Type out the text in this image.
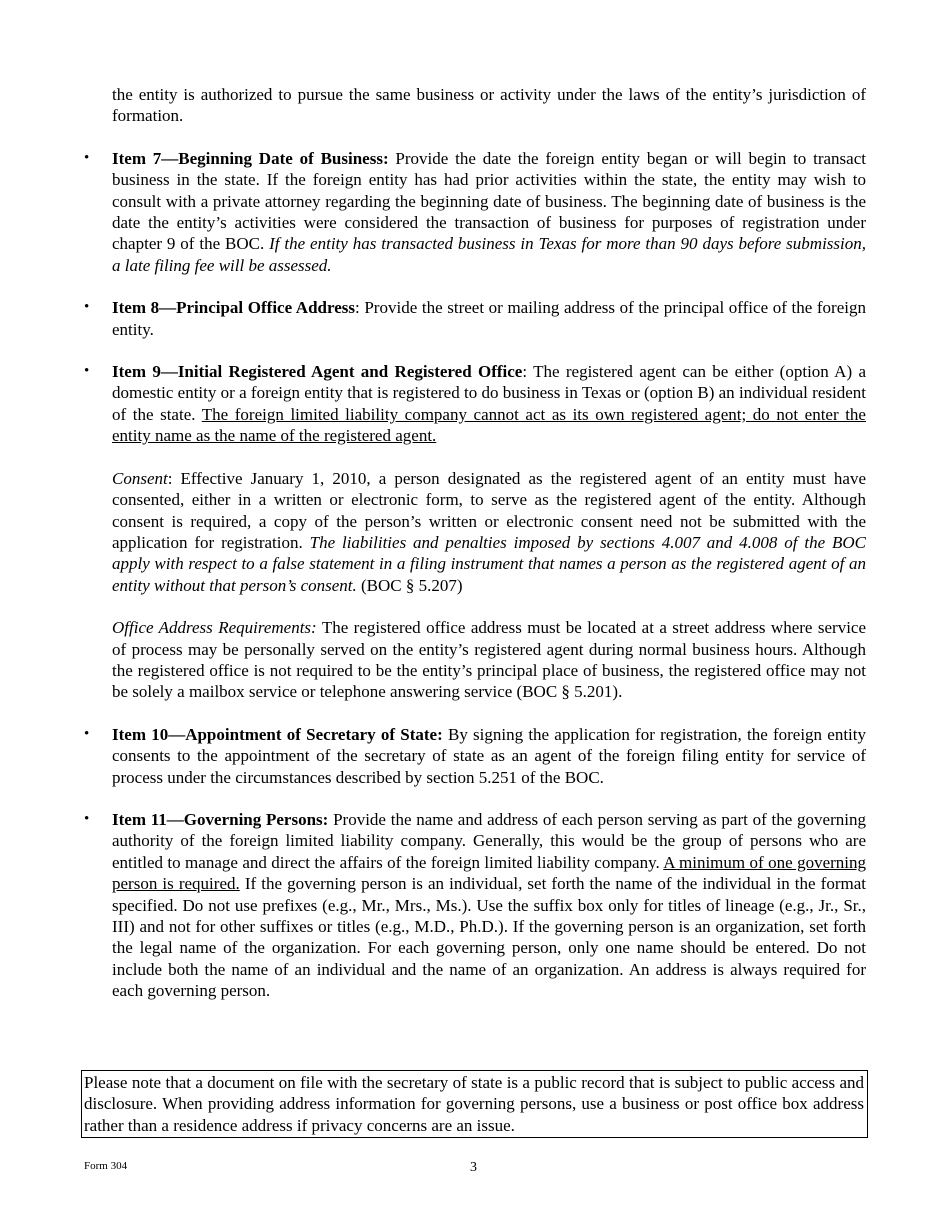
the entity is authorized to pursue the same business or activity under the laws of the entity’s jurisdiction of formation.

• Item 7—Beginning Date of Business: Provide the date the foreign entity began or will begin to transact business in the state. If the foreign entity has had prior activities within the state, the entity may wish to consult with a private attorney regarding the beginning date of business. The beginning date of business is the date the entity’s activities were considered the transaction of business for purposes of registration under chapter 9 of the BOC. If the entity has transacted business in Texas for more than 90 days before submission, a late filing fee will be assessed.

• Item 8—Principal Office Address: Provide the street or mailing address of the principal office of the foreign entity.

• Item 9—Initial Registered Agent and Registered Office: The registered agent can be either (option A) a domestic entity or a foreign entity that is registered to do business in Texas or (option B) an individual resident of the state. The foreign limited liability company cannot act as its own registered agent; do not enter the entity name as the name of the registered agent.

Consent: Effective January 1, 2010, a person designated as the registered agent of an entity must have consented, either in a written or electronic form, to serve as the registered agent of the entity. Although consent is required, a copy of the person’s written or electronic consent need not be submitted with the application for registration. The liabilities and penalties imposed by sections 4.007 and 4.008 of the BOC apply with respect to a false statement in a filing instrument that names a person as the registered agent of an entity without that person’s consent. (BOC § 5.207)

Office Address Requirements: The registered office address must be located at a street address where service of process may be personally served on the entity’s registered agent during normal business hours. Although the registered office is not required to be the entity’s principal place of business, the registered office may not be solely a mailbox service or telephone answering service (BOC § 5.201).

• Item 10—Appointment of Secretary of State: By signing the application for registration, the foreign entity consents to the appointment of the secretary of state as an agent of the foreign filing entity for service of process under the circumstances described by section 5.251 of the BOC.

• Item 11—Governing Persons: Provide the name and address of each person serving as part of the governing authority of the foreign limited liability company. Generally, this would be the group of persons who are entitled to manage and direct the affairs of the foreign limited liability company. A minimum of one governing person is required. If the governing person is an individual, set forth the name of the individual in the format specified. Do not use prefixes (e.g., Mr., Mrs., Ms.). Use the suffix box only for titles of lineage (e.g., Jr., Sr., III) and not for other suffixes or titles (e.g., M.D., Ph.D.). If the governing person is an organization, set forth the legal name of the organization. For each governing person, only one name should be entered. Do not include both the name of an individual and the name of an organization. An address is always required for each governing person.

Please note that a document on file with the secretary of state is a public record that is subject to public access and disclosure. When providing address information for governing persons, use a business or post office box address rather than a residence address if privacy concerns are an issue.
Form 304	3
